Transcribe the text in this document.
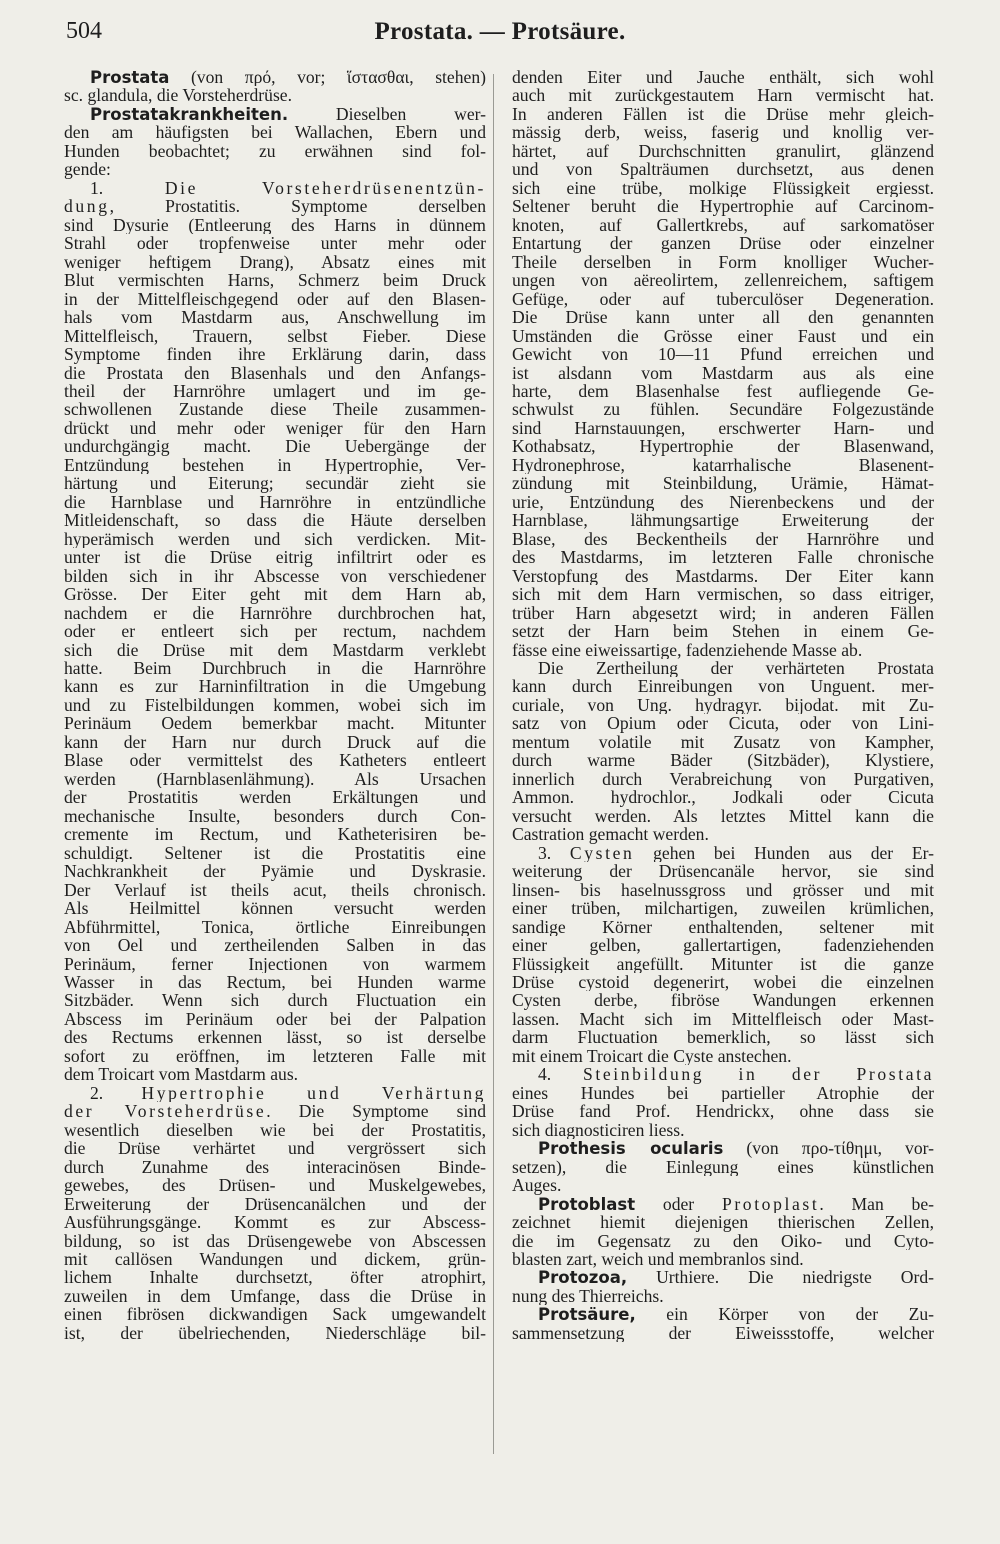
504	Prostata. — Protsäure.
Prostata (von πρό, vor; ἵστασθαι, stehen)
sc. glandula, die Vorsteherdrüse.
Prostatakrankheiten. Dieselben wer-
den am häufigsten bei Wallachen, Ebern und
Hunden beobachtet; zu erwähnen sind fol-
gende:
1. Die Vorsteherdrüsenentzün-
dung, Prostatitis. Symptome derselben
sind Dysurie (Entleerung des Harns in dünnem
Strahl oder tropfenweise unter mehr oder
weniger heftigem Drang), Absatz eines mit
Blut vermischten Harns, Schmerz beim Druck
in der Mittelfleischgegend oder auf den Blasen-
hals vom Mastdarm aus, Anschwellung im
Mittelfleisch, Trauern, selbst Fieber. Diese
Symptome finden ihre Erklärung darin, dass
die Prostata den Blasenhals und den Anfangs-
theil der Harnröhre umlagert und im ge-
schwollenen Zustande diese Theile zusammen-
drückt und mehr oder weniger für den Harn
undurchgängig macht. Die Uebergänge der
Entzündung bestehen in Hypertrophie, Ver-
härtung und Eiterung; secundär zieht sie
die Harnblase und Harnröhre in entzündliche
Mitleidenschaft, so dass die Häute derselben
hyperämisch werden und sich verdicken. Mit-
unter ist die Drüse eitrig infiltrirt oder es
bilden sich in ihr Abscesse von verschiedener
Grösse. Der Eiter geht mit dem Harn ab,
nachdem er die Harnröhre durchbrochen hat,
oder er entleert sich per rectum, nachdem
sich die Drüse mit dem Mastdarm verklebt
hatte. Beim Durchbruch in die Harnröhre
kann es zur Harninfiltration in die Umgebung
und zu Fistelbildungen kommen, wobei sich im
Perinäum Oedem bemerkbar macht. Mitunter
kann der Harn nur durch Druck auf die
Blase oder vermittelst des Katheters entleert
werden (Harnblasenlähmung). Als Ursachen
der Prostatitis werden Erkältungen und
mechanische Insulte, besonders durch Con-
cremente im Rectum, und Katheterisiren be-
schuldigt. Seltener ist die Prostatitis eine
Nachkrankheit der Pyämie und Dyskrasie.
Der Verlauf ist theils acut, theils chronisch.
Als Heilmittel können versucht werden
Abführmittel, Tonica, örtliche Einreibungen
von Oel und zertheilenden Salben in das
Perinäum, ferner Injectionen von warmem
Wasser in das Rectum, bei Hunden warme
Sitzbäder. Wenn sich durch Fluctuation ein
Abscess im Perinäum oder bei der Palpation
des Rectums erkennen lässt, so ist derselbe
sofort zu eröffnen, im letzteren Falle mit
dem Troicart vom Mastdarm aus.
2. Hypertrophie und Verhärtung
der Vorsteherdrüse. Die Symptome sind
wesentlich dieselben wie bei der Prostatitis,
die Drüse verhärtet und vergrössert sich
durch Zunahme des interacinösen Binde-
gewebes, des Drüsen- und Muskelgewebes,
Erweiterung der Drüsencanälchen und der
Ausführungsgänge. Kommt es zur Abscess-
bildung, so ist das Drüsengewebe von Abscessen
mit callösen Wandungen und dickem, grün-
lichem Inhalte durchsetzt, öfter atrophirt,
zuweilen in dem Umfange, dass die Drüse in
einen fibrösen dickwandigen Sack umgewandelt
ist, der übelriechenden, Niederschläge bil-
denden Eiter und Jauche enthält, sich wohl
auch mit zurückgestautem Harn vermischt hat.
In anderen Fällen ist die Drüse mehr gleich-
mässig derb, weiss, faserig und knollig ver-
härtet, auf Durchschnitten granulirt, glänzend
und von Spalträumen durchsetzt, aus denen
sich eine trübe, molkige Flüssigkeit ergiesst.
Seltener beruht die Hypertrophie auf Carcinom-
knoten, auf Gallertkrebs, auf sarkomatöser
Entartung der ganzen Drüse oder einzelner
Theile derselben in Form knolliger Wucher-
ungen von aëreolirtem, zellenreichem, saftigem
Gefüge, oder auf tuberculöser Degeneration.
Die Drüse kann unter all den genannten
Umständen die Grösse einer Faust und ein
Gewicht von 10—11 Pfund erreichen und
ist alsdann vom Mastdarm aus als eine
harte, dem Blasenhalse fest aufliegende Ge-
schwulst zu fühlen. Secundäre Folgezustände
sind Harnstauungen, erschwerter Harn- und
Kothabsatz, Hypertrophie der Blasenwand,
Hydronephrose, katarrhalische Blasenent-
zündung mit Steinbildung, Urämie, Hämat-
urie, Entzündung des Nierenbeckens und der
Harnblase, lähmungsartige Erweiterung der
Blase, des Beckentheils der Harnröhre und
des Mastdarms, im letzteren Falle chronische
Verstopfung des Mastdarms. Der Eiter kann
sich mit dem Harn vermischen, so dass eitriger,
trüber Harn abgesetzt wird; in anderen Fällen
setzt der Harn beim Stehen in einem Ge-
fässe eine eiweissartige, fadenziehende Masse ab.
Die Zertheilung der verhärteten Prostata
kann durch Einreibungen von Unguent. mer-
curiale, von Ung. hydragyr. bijodat. mit Zu-
satz von Opium oder Cicuta, oder von Lini-
mentum volatile mit Zusatz von Kampher,
durch warme Bäder (Sitzbäder), Klystiere,
innerlich durch Verabreichung von Purgativen,
Ammon. hydrochlor., Jodkali oder Cicuta
versucht werden. Als letztes Mittel kann die
Castration gemacht werden.
3. Cysten gehen bei Hunden aus der Er-
weiterung der Drüsencanäle hervor, sie sind
linsen- bis haselnussgross und grösser und mit
einer trüben, milchartigen, zuweilen krümlichen,
sandige Körner enthaltenden, seltener mit
einer gelben, gallertartigen, fadenziehenden
Flüssigkeit angefüllt. Mitunter ist die ganze
Drüse cystoid degenerirt, wobei die einzelnen
Cysten derbe, fibröse Wandungen erkennen
lassen. Macht sich im Mittelfleisch oder Mast-
darm Fluctuation bemerklich, so lässt sich
mit einem Troicart die Cyste anstechen.
4. Steinbildung in der Prostata
eines Hundes bei partieller Atrophie der
Drüse fand Prof. Hendrickx, ohne dass sie
sich diagnosticiren liess.
Prothesis ocularis (von προ-τίθημι, vor-
setzen), die Einlegung eines künstlichen
Auges.
Protoblast oder Protoplast. Man be-
zeichnet hiemit diejenigen thierischen Zellen,
die im Gegensatz zu den Oiko- und Cyto-
blasten zart, weich und membranlos sind.
Protozoa, Urthiere. Die niedrigste Ord-
nung des Thierreichs.
Protsäure, ein Körper von der Zu-
sammensetzung der Eiweissstoffe, welcher
